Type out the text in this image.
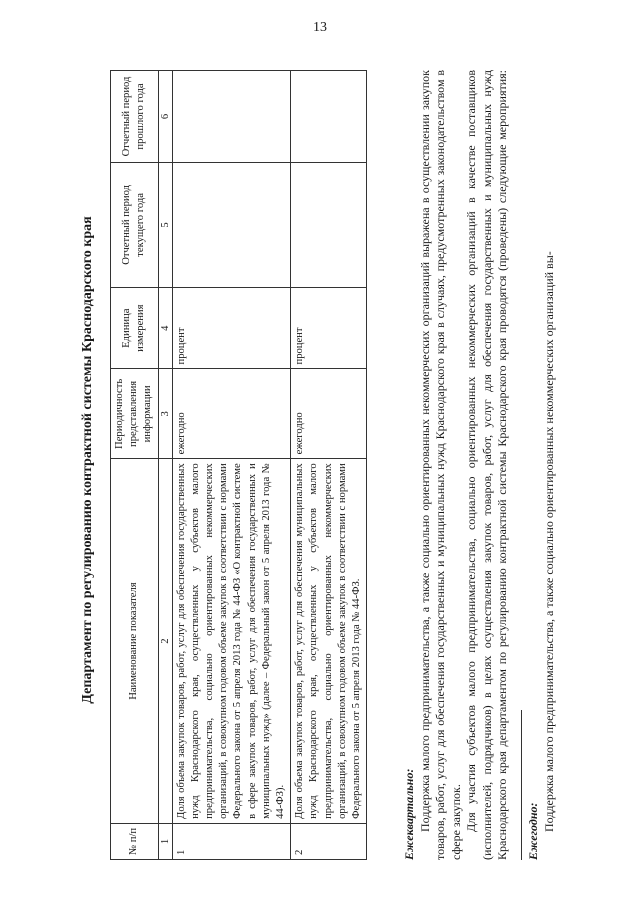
13
Департамент по регулированию контрактной системы Краснодарского края
№ п/п	Наименование показателя	Периодичность представления информации	Единица измерения	Отчетный период текущего года	Отчетный период прошлого года
1	2	3	4	5	6
1	Доля объема закупок товаров, работ, услуг для обеспечения государственных нужд Краснодарского края, осуществленных у субъектов малого предпринимательства, социально ориентированных некоммерческих организаций, в совокупном годовом объеме закупок в соответствии с нормами Федерального закона от 5 апреля 2013 года № 44-ФЗ «О контрактной системе в сфере закупок товаров, работ, услуг для обеспечения государственных и муниципальных нужд» (далее – Федеральный закон от 5 апреля 2013 года № 44-ФЗ).	ежегодно	процент		
2	Доля объема закупок товаров, работ, услуг для обеспечения муниципальных нужд Краснодарского края, осуществленных у субъектов малого предпринимательства, социально ориентированных некоммерческих организаций, в совокупном годовом объеме закупок в соответствии с нормами Федерального закона от 5 апреля 2013 года № 44-ФЗ.	ежегодно	процент		

Ежеквартально: Поддержка малого предпринимательства, а также социально ориентированных некоммерческих организаций выражена в осуществлении закупок товаров, работ, услуг для обеспечения государственных и муниципальных нужд Краснодарского края в случаях, предусмотренных законодательством в сфере закупок. Для участия субъектов малого предпринимательства, социально ориентированных некоммерческих организаций в качестве поставщиков (исполнителей, подрядчиков) в целях осуществления закупок товаров, работ, услуг для обеспечения государственных и муниципальных нужд Краснодарского края департаментом по регулированию контрактной системы Краснодарского края проводятся (проведены) следующие мероприятия:	Ежегодно: Поддержка малого предпринимательства, а также социально ориентированных некоммерческих организаций вы-
